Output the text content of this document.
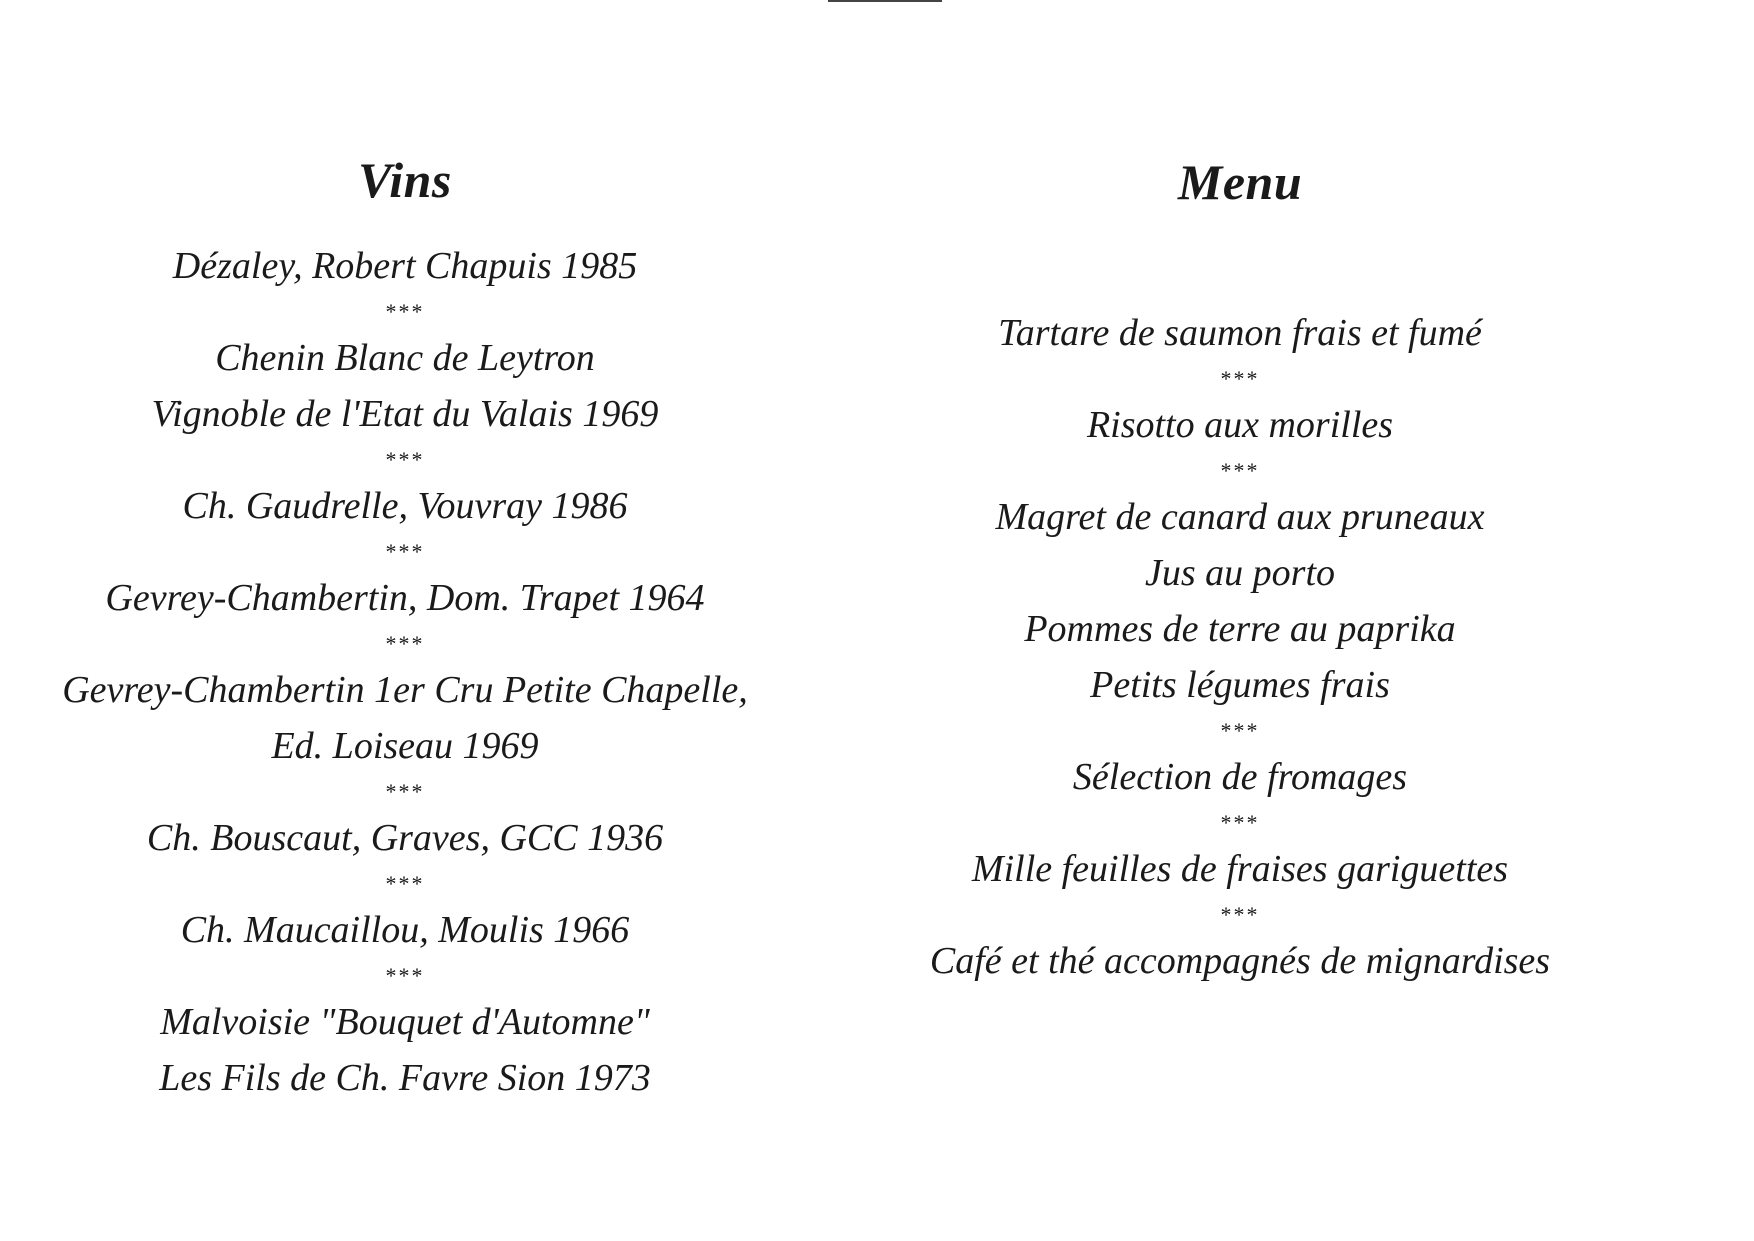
Vins
Dézaley, Robert Chapuis 1985
***
Chenin Blanc de Leytron
Vignoble de l'Etat du Valais 1969
***
Ch. Gaudrelle, Vouvray 1986
***
Gevrey-Chambertin, Dom. Trapet 1964
***
Gevrey-Chambertin 1er Cru Petite Chapelle,
Ed. Loiseau 1969
***
Ch. Bouscaut, Graves, GCC 1936
***
Ch. Maucaillou, Moulis 1966
***
Malvoisie "Bouquet d'Automne"
Les Fils de Ch. Favre Sion 1973
Menu
Tartare de saumon frais et fumé
***
Risotto aux morilles
***
Magret de canard aux pruneaux
Jus au porto
Pommes de terre au paprika
Petits légumes frais
***
Sélection de fromages
***
Mille feuilles de fraises gariguettes
***
Café et thé accompagnés de mignardises
